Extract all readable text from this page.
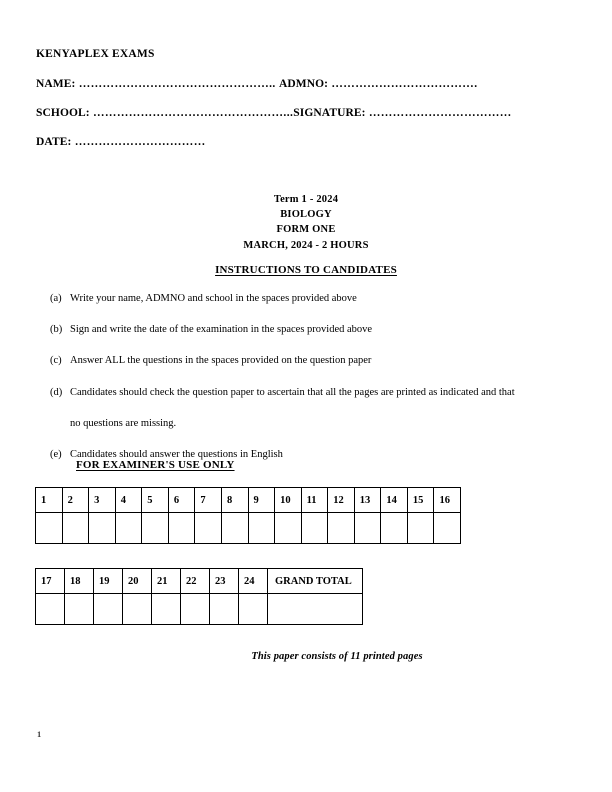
KENYAPLEX EXAMS
NAME: ………………………………………….. ADMNO: ……………………………….
SCHOOL: …………………………………………...SIGNATURE: ………………………………
DATE: ……………………………
Term 1 - 2024
BIOLOGY
FORM ONE
MARCH, 2024 - 2 HOURS
INSTRUCTIONS TO CANDIDATES
(a) Write your name, ADMNO and school in the spaces provided above
(b) Sign and write the date of the examination in the spaces provided above
(c) Answer ALL the questions in the spaces provided on the question paper
(d) Candidates should check the question paper to ascertain that all the pages are printed as indicated and that
no questions are missing.
(e) Candidates should answer the questions in English
FOR EXAMINER'S USE ONLY
1	2	3	4	5	6	7	8	9	10	11	12	13	14	15	16

17	18	19	20	21	22	23	24	GRAND TOTAL

This paper consists of 11 printed pages
1
